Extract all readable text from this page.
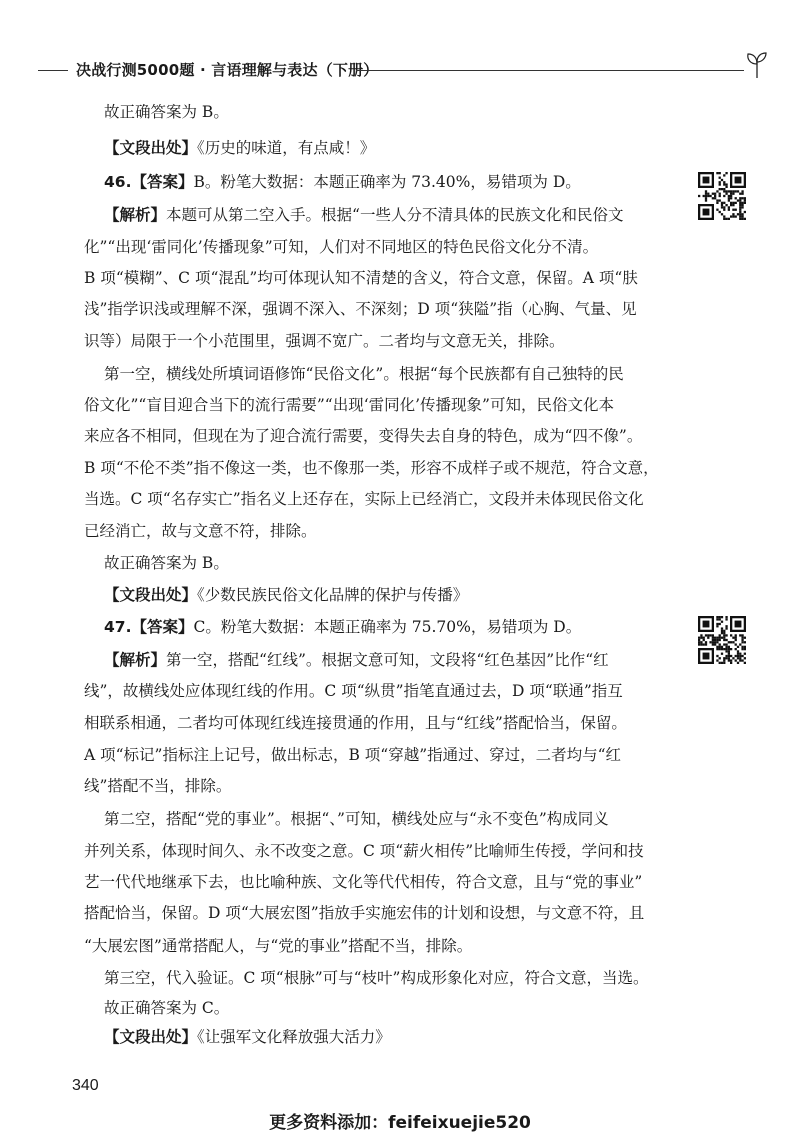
决战行测5000题 · 言语理解与表达（下册）
故正确答案为 B。
【文段出处】《历史的味道，有点咸！》
46.【答案】B。粉笔大数据：本题正确率为 73.40%，易错项为 D。
【解析】本题可从第二空入手。根据“一些人分不清具体的民族文化和民俗文
化”“出现‘雷同化’传播现象”可知，人们对不同地区的特色民俗文化分不清。
B 项“模糊”、C 项“混乱”均可体现认知不清楚的含义，符合文意，保留。A 项“肤
浅”指学识浅或理解不深，强调不深入、不深刻；D 项“狭隘”指（心胸、气量、见
识等）局限于一个小范围里，强调不宽广。二者均与文意无关，排除。
第一空，横线处所填词语修饰“民俗文化”。根据“每个民族都有自己独特的民
俗文化”“盲目迎合当下的流行需要”“出现‘雷同化’传播现象”可知，民俗文化本
来应各不相同，但现在为了迎合流行需要，变得失去自身的特色，成为“四不像”。
B 项“不伦不类”指不像这一类，也不像那一类，形容不成样子或不规范，符合文意，
当选。C 项“名存实亡”指名义上还存在，实际上已经消亡，文段并未体现民俗文化
已经消亡，故与文意不符，排除。
故正确答案为 B。
【文段出处】《少数民族民俗文化品牌的保护与传播》
47.【答案】C。粉笔大数据：本题正确率为 75.70%，易错项为 D。
【解析】第一空，搭配“红线”。根据文意可知，文段将“红色基因”比作“红
线”，故横线处应体现红线的作用。C 项“纵贯”指笔直通过去，D 项“联通”指互
相联系相通，二者均可体现红线连接贯通的作用，且与“红线”搭配恰当，保留。
A 项“标记”指标注上记号，做出标志，B 项“穿越”指通过、穿过，二者均与“红
线”搭配不当，排除。
第二空，搭配“党的事业”。根据“、”可知，横线处应与“永不变色”构成同义
并列关系，体现时间久、永不改变之意。C 项“薪火相传”比喻师生传授，学问和技
艺一代代地继承下去，也比喻种族、文化等代代相传，符合文意，且与“党的事业”
搭配恰当，保留。D 项“大展宏图”指放手实施宏伟的计划和设想，与文意不符，且
“大展宏图”通常搭配人，与“党的事业”搭配不当，排除。
第三空，代入验证。C 项“根脉”可与“枝叶”构成形象化对应，符合文意，当选。
故正确答案为 C。
【文段出处】《让强军文化释放强大活力》
340
更多资料添加：feifeixuejie520
